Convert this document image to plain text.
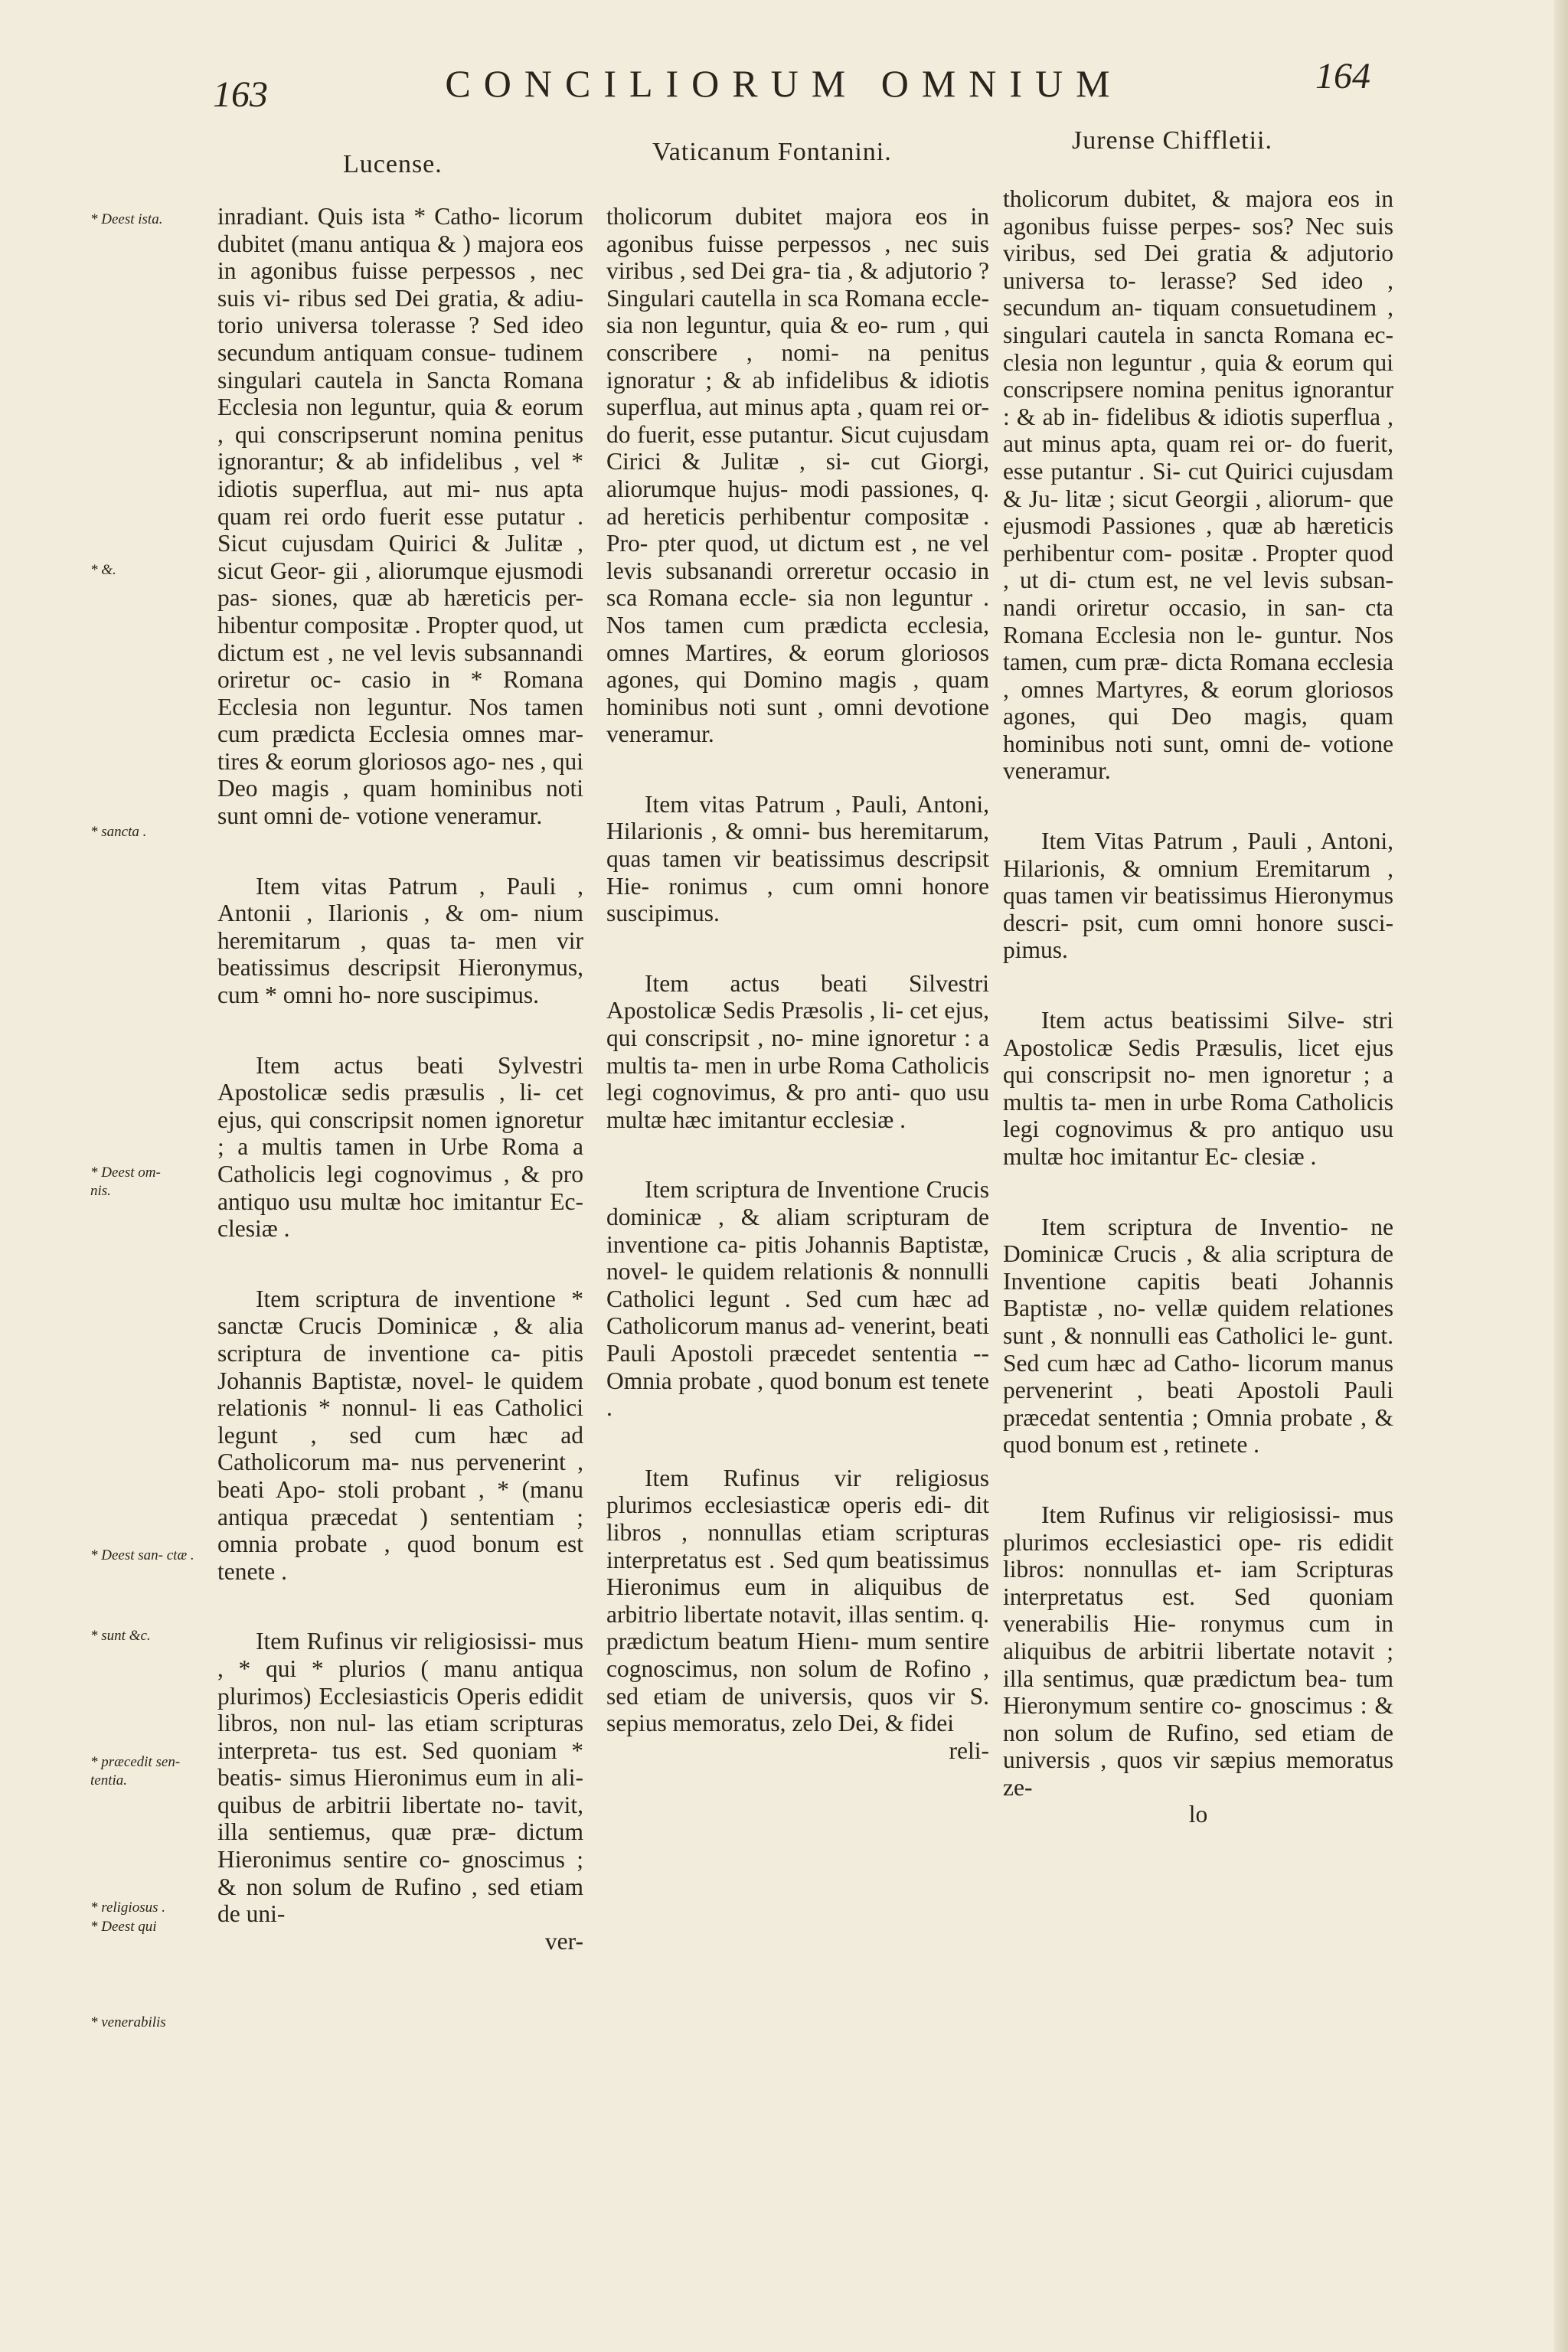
163	CONCILIORUM OMNIUM	164
Lucense.	Vaticanum Fontanini.	Jurense Chiffletii.
* Deest ista.
* &.
* sancta .
* Deest om- nis.
* Deest san- ctæ .
* sunt &c.
* præcedit sen- tentia.
* religiosus .
* Deest qui
* venerabilis

inradiant. Quis ista * Catho- licorum dubitet (manu antiqua & ) majora eos in agonibus fuisse perpessos , nec suis vi- ribus sed Dei gratia, & adiu- torio universa tolerasse ? Sed ideo secundum antiquam consue- tudinem singulari cautela in Sancta Romana Ecclesia non leguntur, quia & eorum , qui conscripserunt nomina penitus ignorantur; & ab infidelibus , vel * idiotis superflua, aut mi- nus apta quam rei ordo fuerit esse putatur . Sicut cujusdam Quirici & Julitæ , sicut Geor- gii , aliorumque ejusmodi pas- siones, quæ ab hæreticis per- hibentur compositæ . Propter quod, ut dictum est , ne vel levis subsannandi oriretur oc- casio in * Romana Ecclesia non leguntur. Nos tamen cum prædicta Ecclesia omnes mar- tires & eorum gloriosos ago- nes , qui Deo magis , quam hominibus noti sunt omni de- votione veneramur.

Item vitas Patrum , Pauli , Antonii , Ilarionis , & om- nium heremitarum , quas ta- men vir beatissimus descripsit Hieronymus, cum * omni ho- nore suscipimus.

Item actus beati Sylvestri Apostolicæ sedis præsulis , li- cet ejus, qui conscripsit nomen ignoretur ; a multis tamen in Urbe Roma a Catholicis legi cognovimus , & pro antiquo usu multæ hoc imitantur Ec- clesiæ .

Item scriptura de inventione * sanctæ Crucis Dominicæ , & alia scriptura de inventione ca- pitis Johannis Baptistæ, novel- le quidem relationis * nonnul- li eas Catholici legunt , sed cum hæc ad Catholicorum ma- nus pervenerint , beati Apo- stoli probant , * (manu antiqua præcedat ) sententiam ; omnia probate , quod bonum est tenete .

Item Rufinus vir religiosissi- mus , * qui * plurios ( manu antiqua plurimos) Ecclesiasticis Operis edidit libros, non nul- las etiam scripturas interpreta- tus est. Sed quoniam * beatis- simus Hieronimus eum in ali- quibus de arbitrii libertate no- tavit, illa sentiemus, quæ præ- dictum Hieronimus sentire co- gnoscimus ; & non solum de Rufino , sed etiam de uni-

ver-

tholicorum dubitet majora eos in agonibus fuisse perpessos , nec suis viribus , sed Dei gra- tia , & adjutorio ? Singulari cautella in sca Romana eccle- sia non leguntur, quia & eo- rum , qui conscribere , nomi- na penitus ignoratur ; & ab infidelibus & idiotis superflua, aut minus apta , quam rei or- do fuerit, esse putantur. Sicut cujusdam Cirici & Julitæ , si- cut Giorgi, aliorumque hujus- modi passiones, q. ad hereticis perhibentur compositæ . Pro- pter quod, ut dictum est , ne vel levis subsanandi orreretur occasio in sca Romana eccle- sia non leguntur . Nos tamen cum prædicta ecclesia, omnes Martires, & eorum gloriosos agones, qui Domino magis , quam hominibus noti sunt , omni devotione veneramur.

Item vitas Patrum , Pauli, Antoni, Hilarionis , & omni- bus heremitarum, quas tamen vir beatissimus descripsit Hie- ronimus , cum omni honore suscipimus.

Item actus beati Silvestri Apostolicæ Sedis Præsolis , li- cet ejus, qui conscripsit , no- mine ignoretur : a multis ta- men in urbe Roma Catholicis legi cognovimus, & pro anti- quo usu multæ hæc imitantur ecclesiæ .

Item scriptura de Inventione Crucis dominicæ , & aliam scripturam de inventione ca- pitis Johannis Baptistæ, novel- le quidem relationis & nonnulli Catholici legunt . Sed cum hæc ad Catholicorum manus ad- venerint, beati Pauli Apostoli præcedet sententia -- Omnia probate , quod bonum est tenete .

Item Rufinus vir religiosus plurimos ecclesiasticæ operis edi- dit libros , nonnullas etiam scripturas interpretatus est . Sed qum beatissimus Hieronimus eum in aliquibus de arbitrio libertate notavit, illas sentim. q. prædictum beatum Hienı- mum sentire cognoscimus, non solum de Rofino , sed etiam de universis, quos vir S. sepius memoratus, zelo Dei, & fidei

reli-

tholicorum dubitet, & majora eos in agonibus fuisse perpes- sos? Nec suis viribus, sed Dei gratia & adjutorio universa to- lerasse? Sed ideo , secundum an- tiquam consuetudinem , singulari cautela in sancta Romana ec- clesia non leguntur , quia & eorum qui conscripsere nomina penitus ignorantur : & ab in- fidelibus & idiotis superflua , aut minus apta, quam rei or- do fuerit, esse putantur . Si- cut Quirici cujusdam & Ju- litæ ; sicut Georgii , aliorum- que ejusmodi Passiones , quæ ab hæreticis perhibentur com- positæ . Propter quod , ut di- ctum est, ne vel levis subsan- nandi oriretur occasio, in san- cta Romana Ecclesia non le- guntur. Nos tamen, cum præ- dicta Romana ecclesia , omnes Martyres, & eorum gloriosos agones, qui Deo magis, quam hominibus noti sunt, omni de- votione veneramur.

Item Vitas Patrum , Pauli , Antoni, Hilarionis, & omnium Eremitarum , quas tamen vir beatissimus Hieronymus descri- psit, cum omni honore susci- pimus.

Item actus beatissimi Silve- stri Apostolicæ Sedis Præsulis, licet ejus qui conscripsit no- men ignoretur ; a multis ta- men in urbe Roma Catholicis legi cognovimus & pro antiquo usu multæ hoc imitantur Ec- clesiæ .

Item scriptura de Inventio- ne Dominicæ Crucis , & alia scriptura de Inventione capitis beati Johannis Baptistæ , no- vellæ quidem relationes sunt , & nonnulli eas Catholici le- gunt. Sed cum hæc ad Catho- licorum manus pervenerint , beati Apostoli Pauli præcedat sententia ; Omnia probate , & quod bonum est , retinete .

Item Rufinus vir religiosissi- mus plurimos ecclesiastici ope- ris edidit libros: nonnullas et- iam Scripturas interpretatus est. Sed quoniam venerabilis Hie- ronymus cum in aliquibus de arbitrii libertate notavit ; illa sentimus, quæ prædictum bea- tum Hieronymum sentire co- gnoscimus : & non solum de Rufino, sed etiam de universis , quos vir sæpius memoratus ze-

lo
